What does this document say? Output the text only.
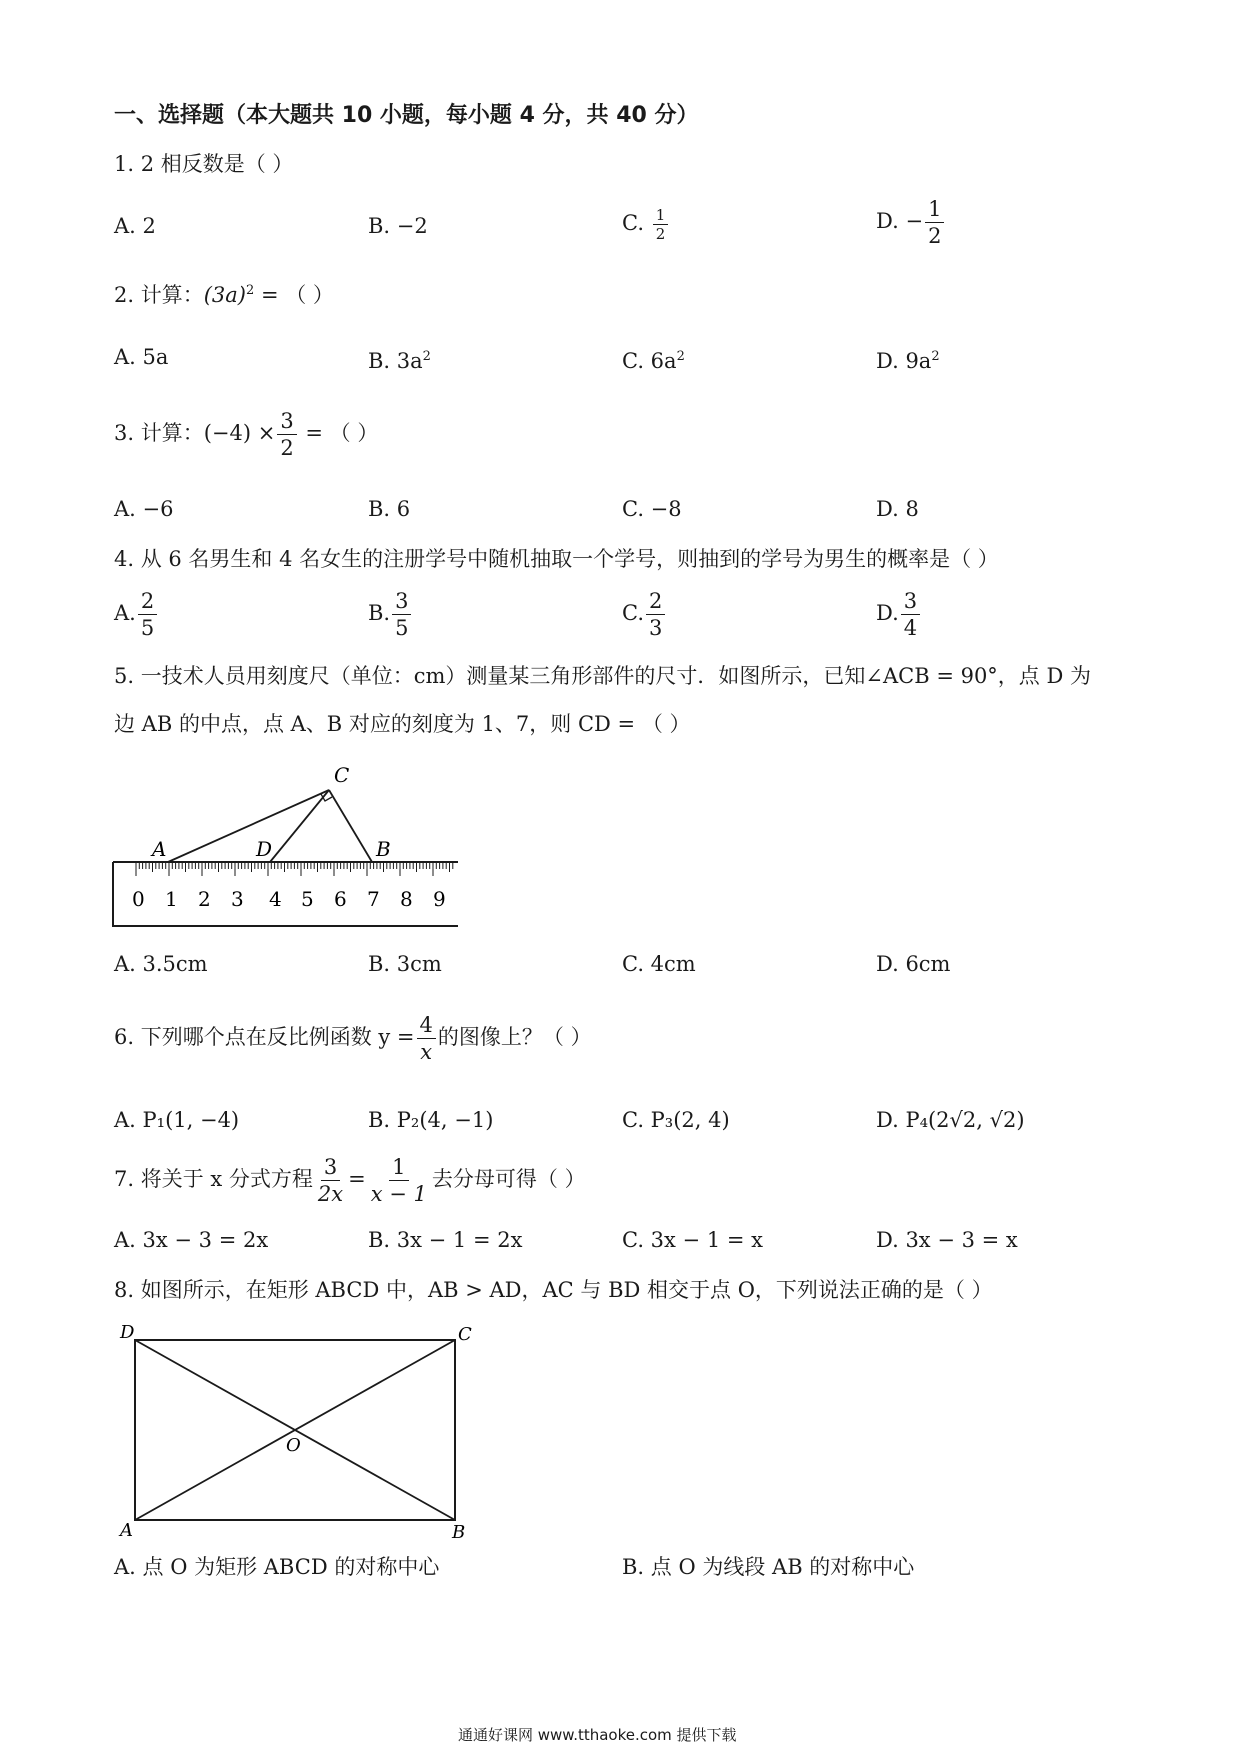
一、选择题（本大题共 10 小题，每小题 4 分，共 40 分）
1. 2 相反数是（ ）
A. 2	B. −2	C. $\frac{1}{2}$	D. − $\frac{1}{2}$
2. 计算：$(3a)^2$ = （ ）
A. 5a	B. $3a^2$	C. $6a^2$	D. $9a^2$
3. 计算：$(-4) \times \frac{3}{2}$ = （ ）
A. −6	B. 6	C. −8	D. 8
4. 从 6 名男生和 4 名女生的注册学号中随机抽取一个学号，则抽到的学号为男生的概率是（ ）
A. $\frac{2}{5}$	B. $\frac{3}{5}$	C. $\frac{2}{3}$	D. $\frac{3}{4}$
5. 一技术人员用刻度尺（单位：cm）测量某三角形部件的尺寸．如图所示，已知∠ACB = 90°，点 D 为
边 AB 的中点，点 A、B 对应的刻度为 1、7，则 CD = （ ）
0 1 2 3 4 5 6 7 8 9
C
A	D	B
A. 3.5cm	B. 3cm	C. 4cm	D. 6cm
6. 下列哪个点在反比例函数 $y = \frac{4}{x}$ 的图像上？（ ）
A. P₁(1, −4)	B. P₂(4, −1)	C. P₃(2, 4)	D. P₄(2√2, √2)
7. 将关于 x 分式方程 $\frac{3}{2x} = \frac{1}{x - 1}$ 去分母可得（ ）
A. 3x − 3 = 2x	B. 3x − 1 = 2x	C. 3x − 1 = x	D. 3x − 3 = x
8. 如图所示，在矩形 ABCD 中，AB > AD，AC 与 BD 相交于点 O，下列说法正确的是（ ）
D	C
O
A	B
A. 点 O 为矩形 ABCD 的对称中心	B. 点 O 为线段 AB 的对称中心
通通好课网 www.tthaoke.com 提供下载
